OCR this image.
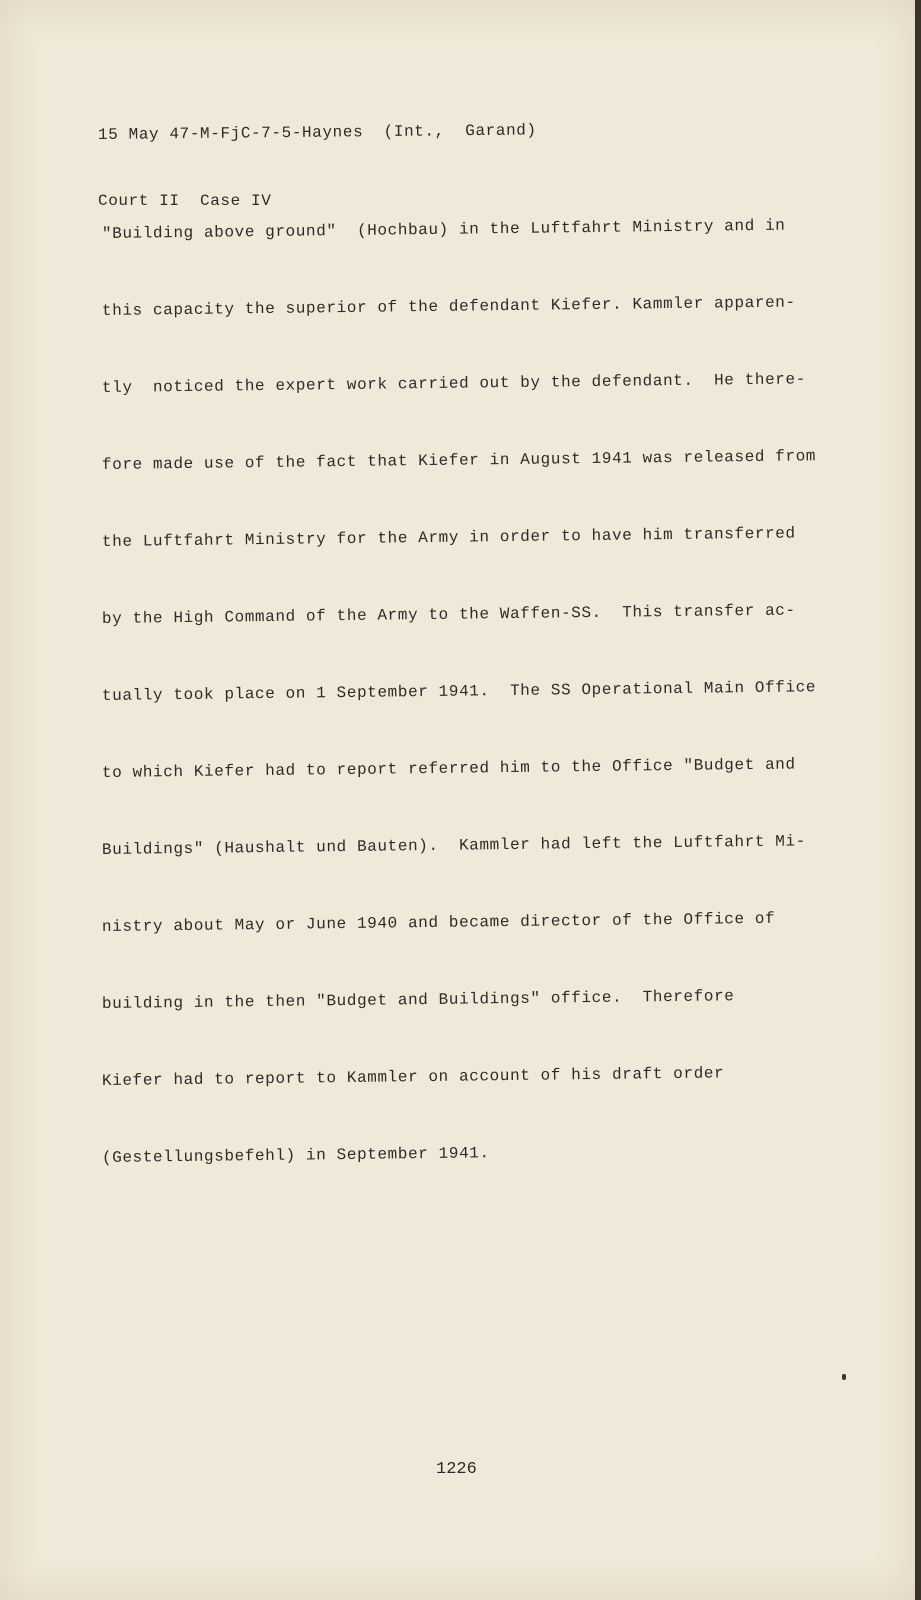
15 May 47-M-FjC-7-5-Haynes  (Int.,  Garand)

Court II  Case IV

"Building above ground"  (Hochbau) in the Luftfahrt Ministry and in

this capacity the superior of the defendant Kiefer. Kammler apparen-

tly  noticed the expert work carried out by the defendant.  He there-

fore made use of the fact that Kiefer in August 1941 was released from

the Luftfahrt Ministry for the Army in order to have him transferred

by the High Command of the Army to the Waffen-SS.  This transfer ac-

tually took place on 1 September 1941.  The SS Operational Main Office

to which Kiefer had to report referred him to the Office "Budget and

Buildings" (Haushalt und Bauten).  Kammler had left the Luftfahrt Mi-

nistry about May or June 1940 and became director of the Office of

building in the then "Budget and Buildings" office.  Therefore

Kiefer had to report to Kammler on account of his draft order

(Gestellungsbefehl) in September 1941.

1226
